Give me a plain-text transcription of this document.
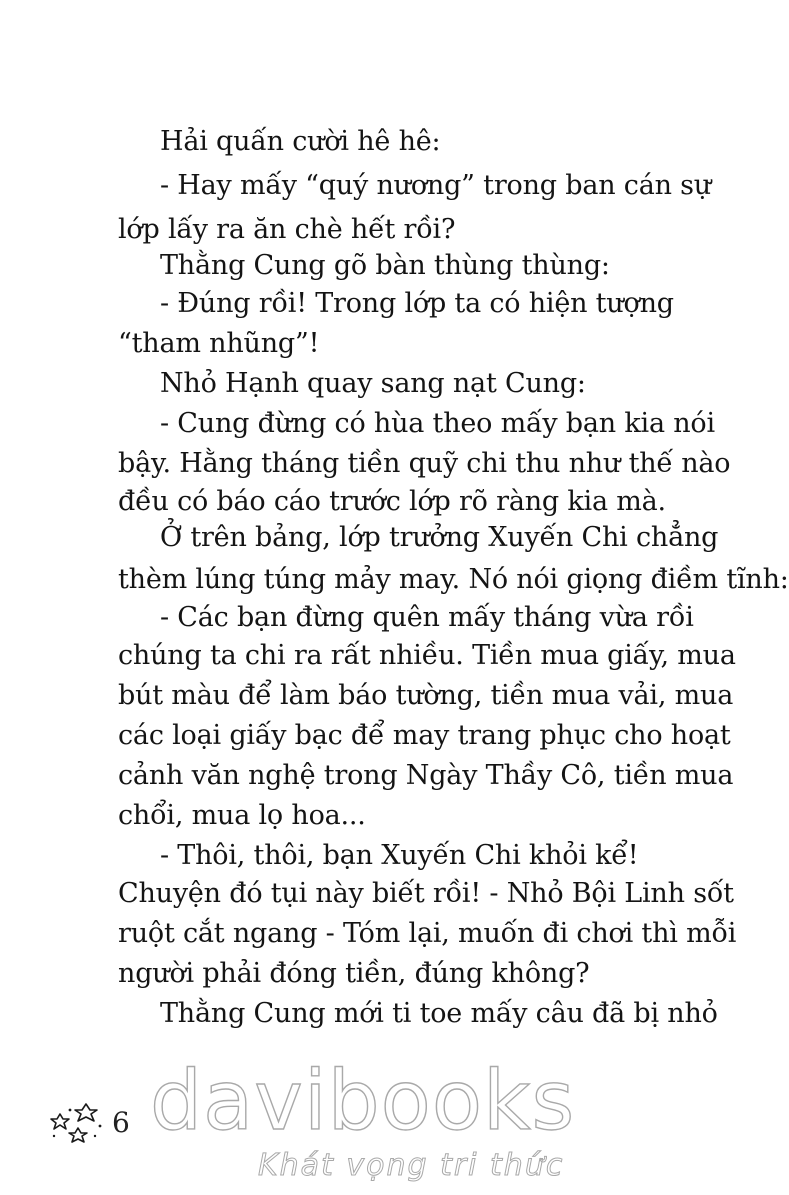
Hải quấn cười hê hê:
- Hay mấy “quý nương” trong ban cán sự
lớp lấy ra ăn chè hết rồi?
Thằng Cung gõ bàn thùng thùng:
- Đúng rồi! Trong lớp ta có hiện tượng
“tham nhũng”!
Nhỏ Hạnh quay sang nạt Cung:
- Cung đừng có hùa theo mấy bạn kia nói
bậy. Hằng tháng tiền quỹ chi thu như thế nào
đều có báo cáo trước lớp rõ ràng kia mà.
Ở trên bảng, lớp trưởng Xuyến Chi chẳng
thèm lúng túng mảy may. Nó nói giọng điềm tĩnh:
- Các bạn đừng quên mấy tháng vừa rồi
chúng ta chi ra rất nhiều. Tiền mua giấy, mua
bút màu để làm báo tường, tiền mua vải, mua
các loại giấy bạc để may trang phục cho hoạt
cảnh văn nghệ trong Ngày Thầy Cô, tiền mua
chổi, mua lọ hoa...
- Thôi, thôi, bạn Xuyến Chi khỏi kể!
Chuyện đó tụi này biết rồi! - Nhỏ Bội Linh sốt
ruột cắt ngang - Tóm lại, muốn đi chơi thì mỗi
người phải đóng tiền, đúng không?
Thằng Cung mới ti toe mấy câu đã bị nhỏ
6 davibooks
Khát vọng tri thức
